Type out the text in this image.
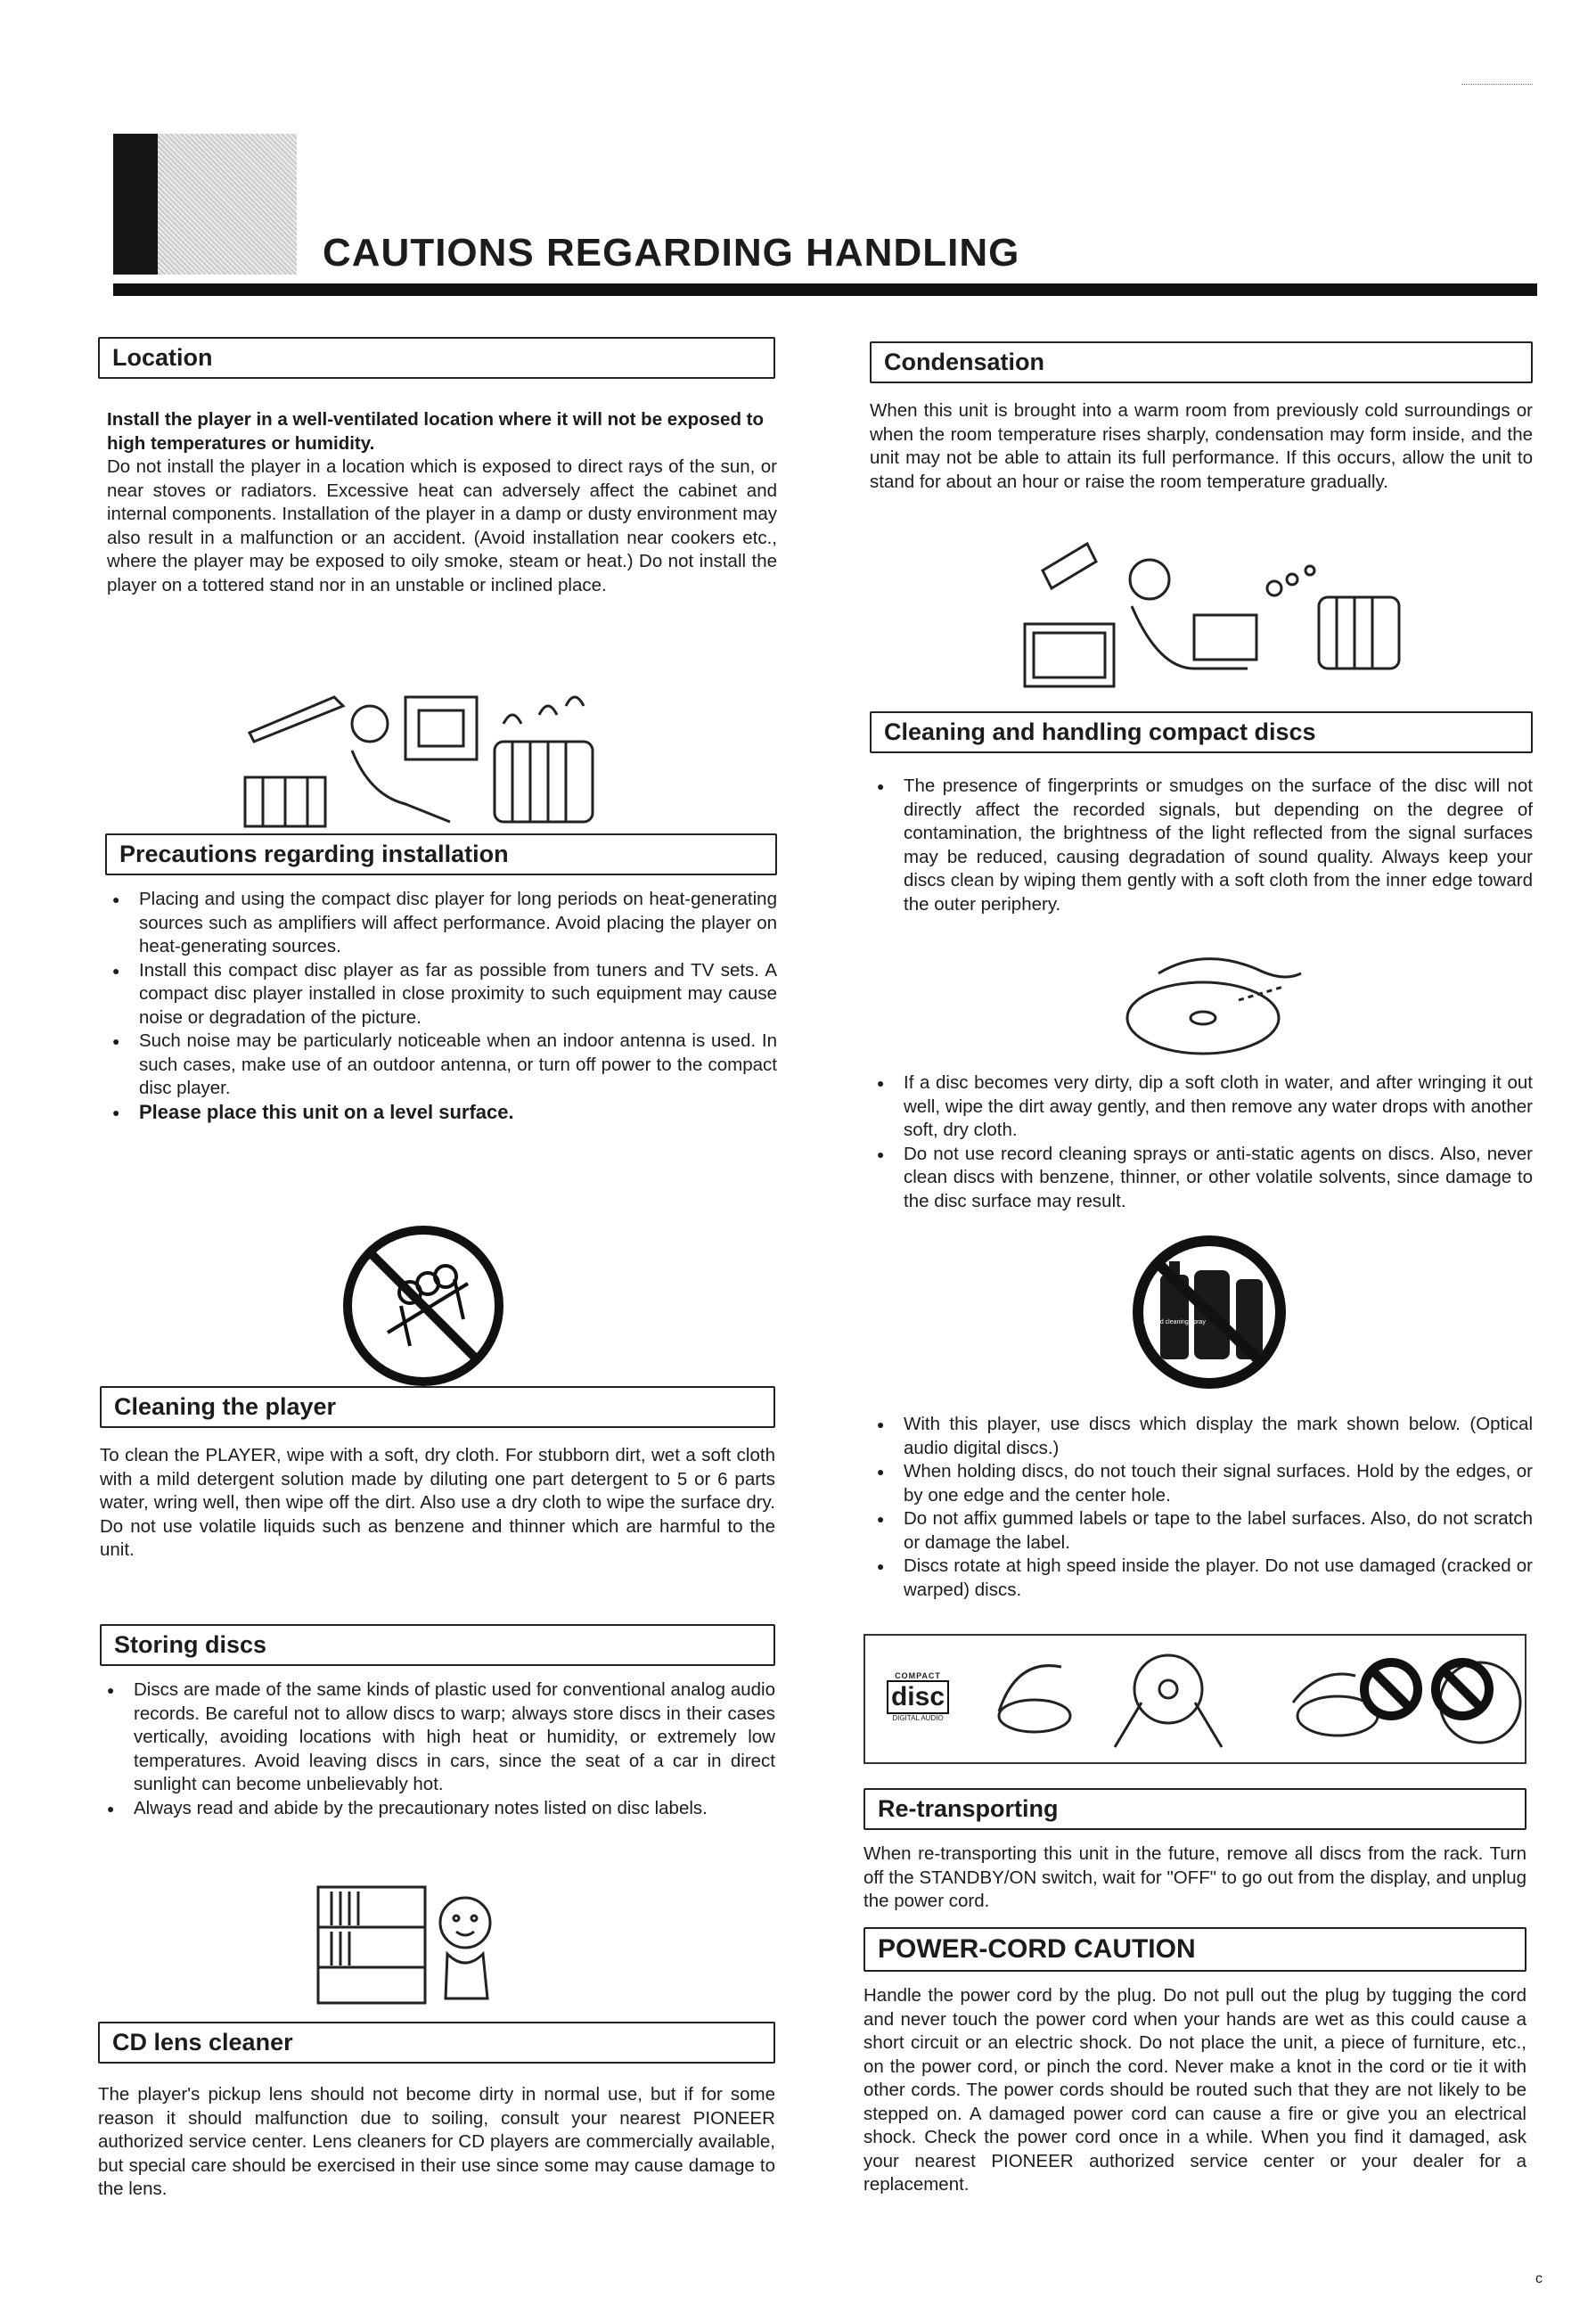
CAUTIONS REGARDING HANDLING
Location

Install the player in a well-ventilated location where it will not be exposed to high temperatures or humidity.

Do not install the player in a location which is exposed to direct rays of the sun, or near stoves or radiators. Excessive heat can adversely affect the cabinet and internal components. Installation of the player in a damp or dusty environment may also result in a malfunction or an accident. (Avoid installation near cookers etc., where the player may be exposed to oily smoke, steam or heat.) Do not install the player on a tottered stand nor in an unstable or inclined place.

Precautions regarding installation
● Placing and using the compact disc player for long periods on heat-generating sources such as amplifiers will affect performance. Avoid placing the player on heat-generating sources.
● Install this compact disc player as far as possible from tuners and TV sets. A compact disc player installed in close proximity to such equipment may cause noise or degradation of the picture.
● Such noise may be particularly noticeable when an indoor antenna is used. In such cases, make use of an outdoor antenna, or turn off power to the compact disc player.
● Please place this unit on a level surface.
Cleaning the player

To clean the PLAYER, wipe with a soft, dry cloth. For stubborn dirt, wet a soft cloth with a mild detergent solution made by diluting one part detergent to 5 or 6 parts water, wring well, then wipe off the dirt. Also use a dry cloth to wipe the surface dry. Do not use volatile liquids such as benzene and thinner which are harmful to the unit.

Storing discs
● Discs are made of the same kinds of plastic used for conventional analog audio records. Be careful not to allow discs to warp; always store discs in their cases vertically, avoiding locations with high heat or humidity, or extremely low temperatures. Avoid leaving discs in cars, since the seat of a car in direct sunlight can become unbelievably hot.
● Always read and abide by the precautionary notes listed on disc labels.
CD lens cleaner

The player's pickup lens should not become dirty in normal use, but if for some reason it should malfunction due to soiling, consult your nearest PIONEER authorized service center. Lens cleaners for CD players are commercially available, but special care should be exercised in their use since some may cause damage to the lens.

Condensation

When this unit is brought into a warm room from previously cold surroundings or when the room temperature rises sharply, condensation may form inside, and the unit may not be able to attain its full performance. If this occurs, allow the unit to stand for about an hour or raise the room temperature gradually.

Cleaning and handling compact discs
● The presence of fingerprints or smudges on the surface of the disc will not directly affect the recorded signals, but depending on the degree of contamination, the brightness of the light reflected from the signal surfaces may be reduced, causing degradation of sound quality. Always keep your discs clean by wiping them gently with a soft cloth from the inner edge toward the outer periphery.
● If a disc becomes very dirty, dip a soft cloth in water, and after wringing it out well, wipe the dirt away gently, and then remove any water drops with another soft, dry cloth.
● Do not use record cleaning sprays or anti-static agents on discs. Also, never clean discs with benzene, thinner, or other volatile solvents, since damage to the disc surface may result.
Record cleaning spray
● With this player, use discs which display the mark shown below. (Optical audio digital discs.)
● When holding discs, do not touch their signal surfaces. Hold by the edges, or by one edge and the center hole.
● Do not affix gummed labels or tape to the label surfaces. Also, do not scratch or damage the label.
● Discs rotate at high speed inside the player. Do not use damaged (cracked or warped) discs.
COMPACT
disc
DIGITAL AUDIO
Re-transporting

When re-transporting this unit in the future, remove all discs from the rack. Turn off the STANDBY/ON switch, wait for "OFF" to go out from the display, and unplug the power cord.

POWER-CORD CAUTION

Handle the power cord by the plug. Do not pull out the plug by tugging the cord and never touch the power cord when your hands are wet as this could cause a short circuit or an electric shock. Do not place the unit, a piece of furniture, etc., on the power cord, or pinch the cord. Never make a knot in the cord or tie it with other cords. The power cords should be routed such that they are not likely to be stepped on. A damaged power cord can cause a fire or give you an electrical shock. Check the power cord once in a while. When you find it damaged, ask your nearest PIONEER authorized service center or your dealer for a replacement.

c
